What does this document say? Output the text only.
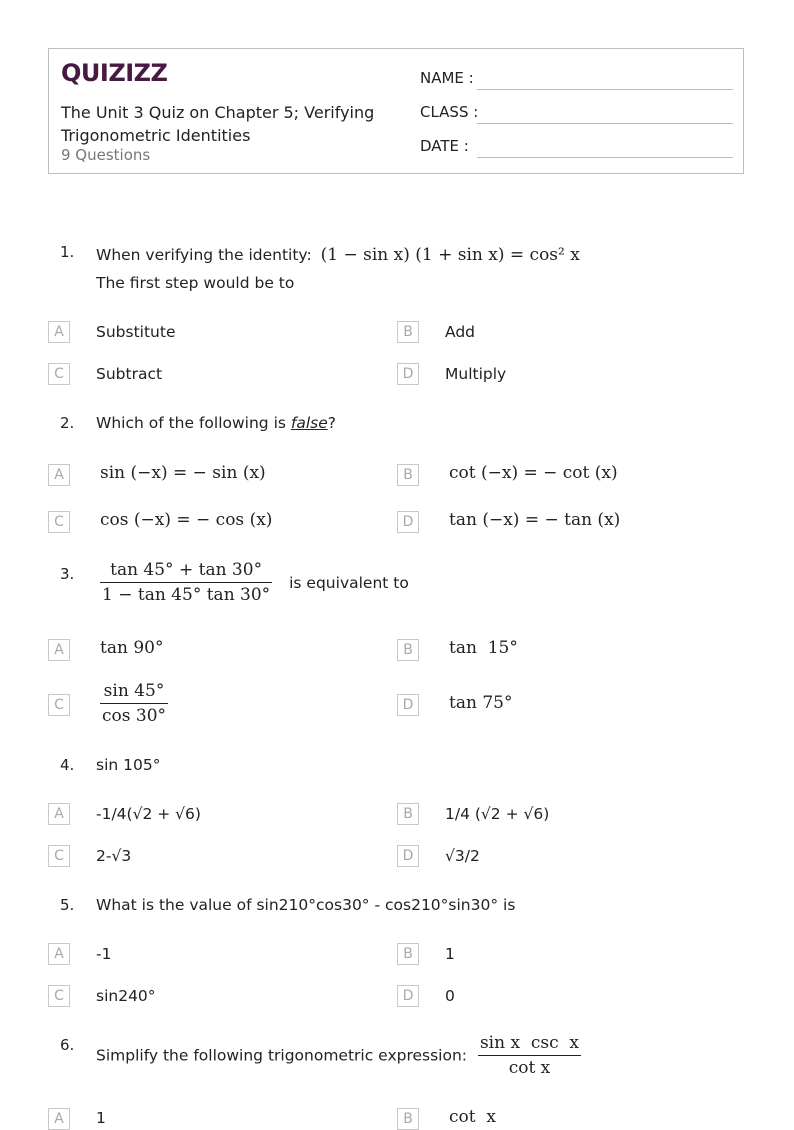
QUIZIZZ
The Unit 3 Quiz on Chapter 5; Verifying Trigonometric Identities
9 Questions
NAME :
CLASS :
DATE :
1. When verifying the identity: (1 − sin x) (1 + sin x) = cos² x
The first step would be to
A	Substitute	B	Add
C	Subtract	D	Multiply
2. Which of the following is false?
A	sin (−x) = − sin (x)	B	cot (−x) = − cot (x)
C	cos (−x) = − cos (x)	D	tan (−x) = − tan (x)
3. $\frac{\tan 45^\circ + \tan 30^\circ}{1 - \tan 45^\circ \tan 30^\circ}$ is equivalent to
A	tan 90°	B	tan  15°
C	$\frac{\sin 45^\circ}{\cos 30^\circ}$	D	tan 75°
4. sin 105°
A	-1/4(√2 + √6)	B	1/4 (√2 + √6)
C	2-√3	D	√3/2
5. What is the value of sin210°cos30° - cos210°sin30° is
A	-1	B	1
C	sin240°	D	0
6.
Simplify the following trigonometric expression: $\frac{\text{sin x  csc  x}}{\text{cot x}}$
A	1	B	cot  x
